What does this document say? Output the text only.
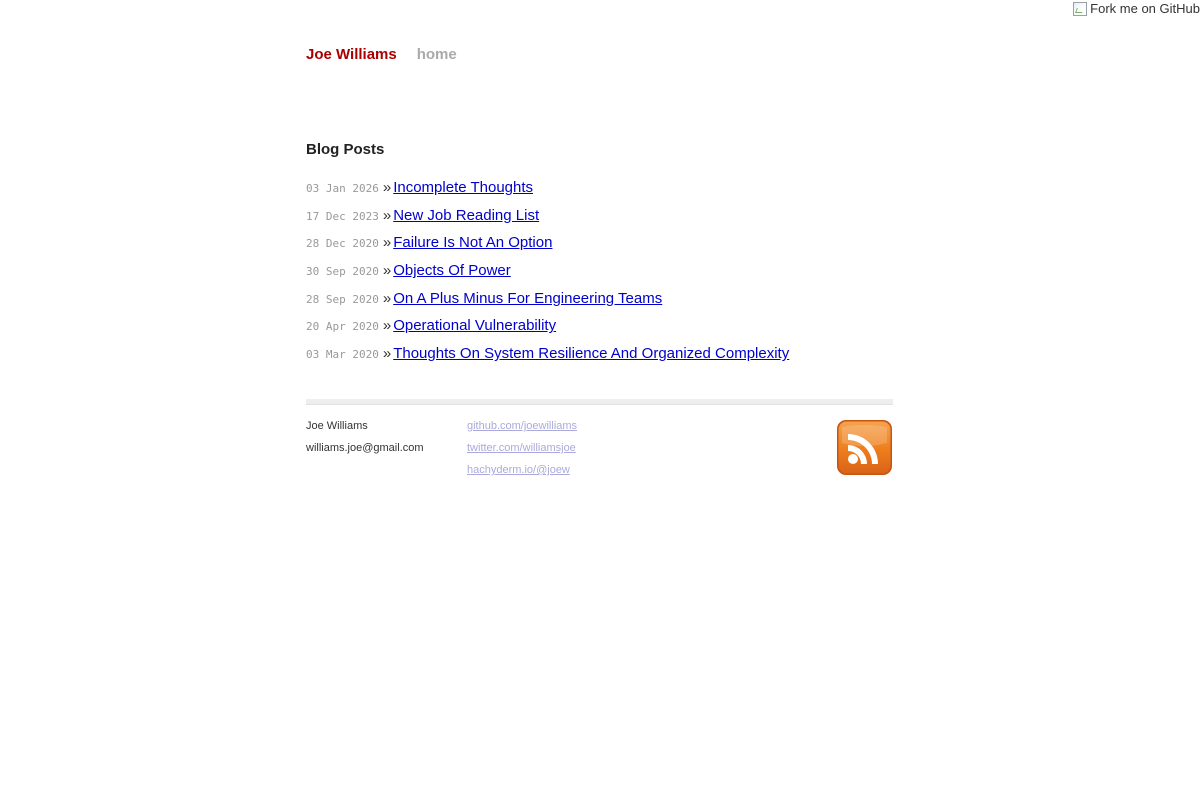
Fork me on GitHub
Joe Williams home
Blog Posts
03 Jan 2026 » Incomplete Thoughts
17 Dec 2023 » New Job Reading List
28 Dec 2020 » Failure Is Not An Option
30 Sep 2020 » Objects Of Power
28 Sep 2020 » On A Plus Minus For Engineering Teams
20 Apr 2020 » Operational Vulnerability
03 Mar 2020 » Thoughts On System Resilience And Organized Complexity
Joe Williams
williams.joe@gmail.com
github.com/joewilliams
twitter.com/williamsjoe
hachyderm.io/@joew
